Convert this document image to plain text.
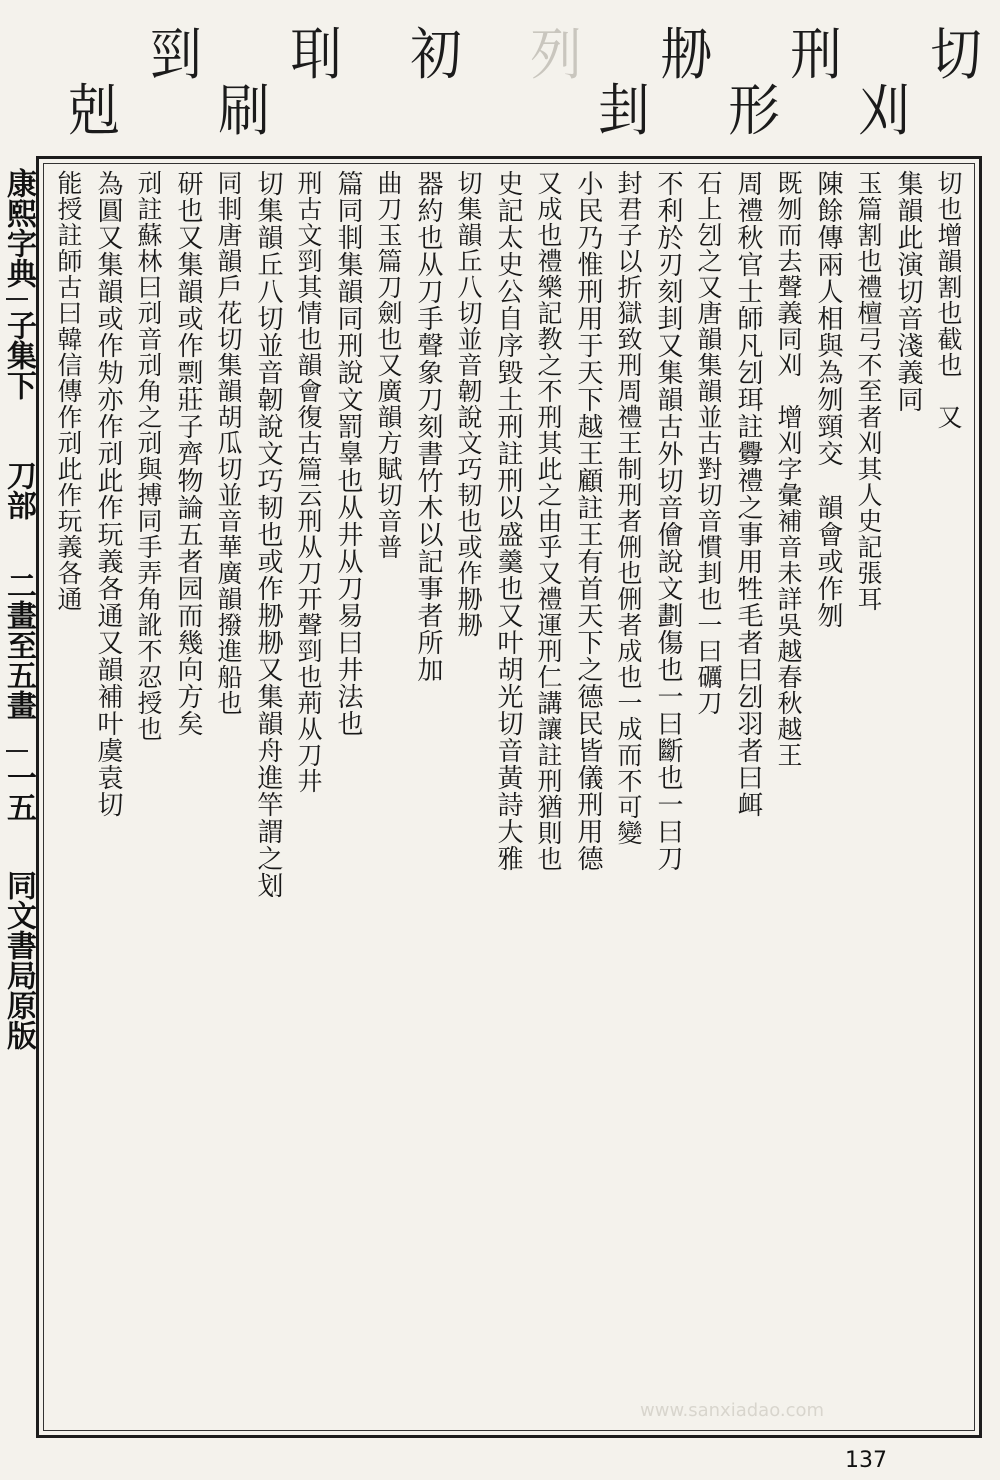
切
刈
刑
形
刱
刲
列
初
刵
刷
剄
剋
康熙字典
子集下
刀部
二畫至五畫
一五
同文書局原版
切也增韻割也截也　又
集韻此演切音淺義同
玉篇割也禮檀弓不至者刈其人史記張耳
陳餘傳兩人相與為刎頸交　韻會或作刎
既刎而去聲義同刈　增刈字彙補音未詳吳越春秋越王
周禮秋官士師凡刉珥註釁禮之事用牲毛者曰刉羽者曰衈
石上刉之又唐韻集韻並古對切音慣刲也一曰礪刀
不利於刃刻刲又集韻古外切音儈說文劃傷也一曰斷也一曰刀
封君子以折獄致刑周禮王制刑者侀也侀者成也一成而不可變
小民乃惟刑用于天下越王顧註王有首天下之德民皆儀刑用德
又成也禮樂記教之不刑其此之由乎又禮運刑仁講讓註刑猶則也
史記太史公自序毀土刑註刑以盛羹也又叶胡光切音黃詩大雅
切集韻丘八切並音韌說文巧韧也或作刱刱
器約也从刀手聲象刀刻書竹木以記事者所加
曲刀玉篇刀劍也又廣韻方賦切音普
篇同剕集韻同刑說文罰辠也从井从刀易曰井法也
刑古文剄其情也韻會復古篇云刑从刀开聲剄也荊从刀井
切集韻丘八切並音韌說文巧韧也或作刱刱又集韻舟進竿謂之划
同剕唐韻戶花切集韻胡瓜切並音華廣韻撥進船也
研也又集韻或作剽莊子齊物論五者园而幾向方矣
刓註蘇林曰刓音刓角之刓與搏同手弄角訛不忍授也
為圓又集韻或作劮亦作刓此作玩義各通又韻補叶虞袁切
能授註師古曰韓信傳作刓此作玩義各通
www.sanxiadao.com
137
